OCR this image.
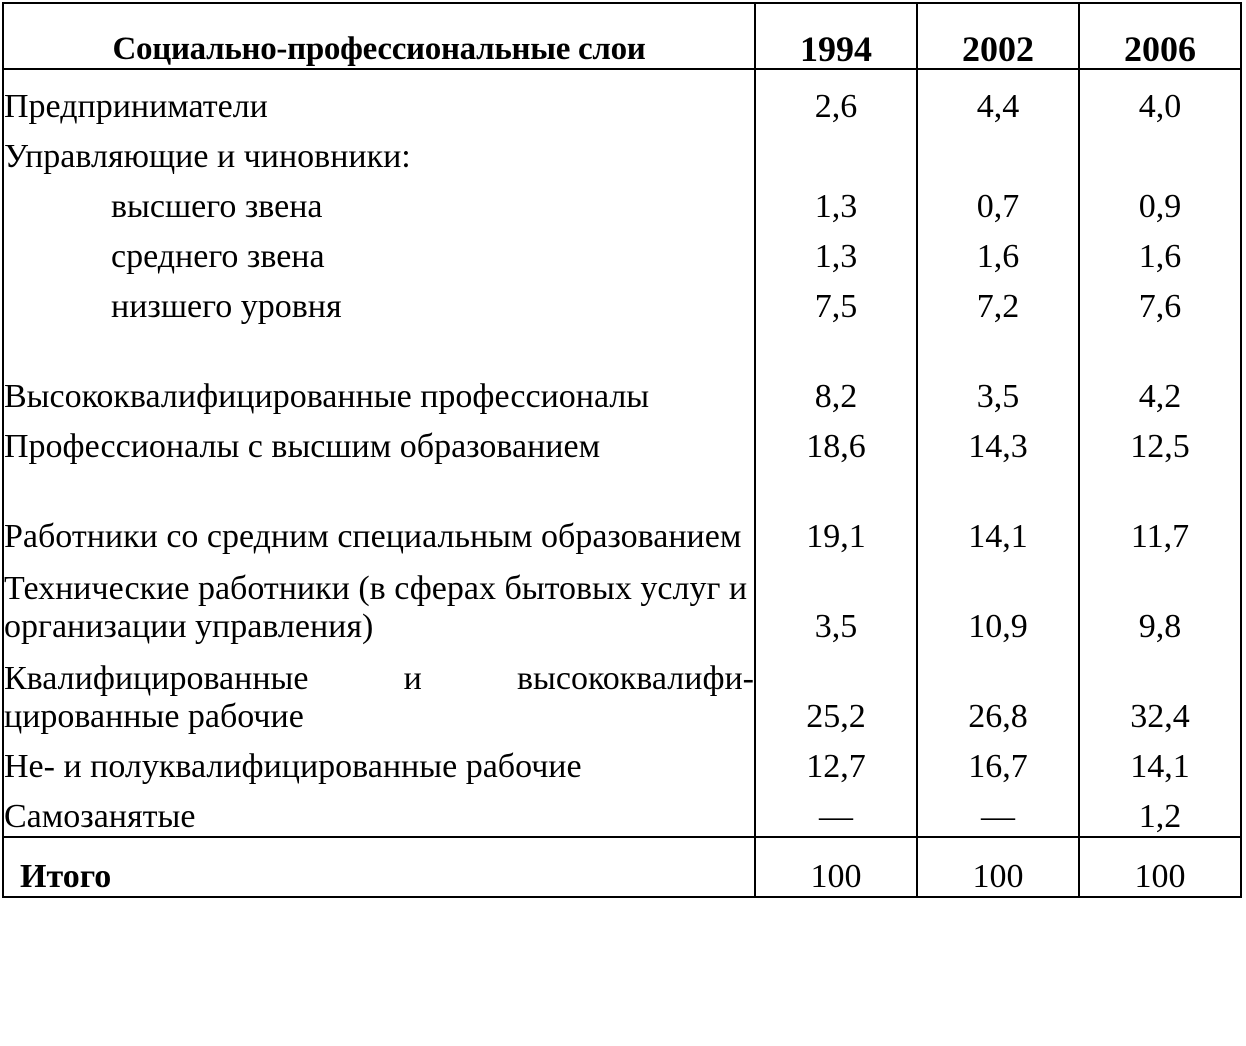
Социально-профессиональные слои	1994	2002	2006
Предприниматели	2,6	4,4	4,0
Управляющие и чиновники:			
высшего звена	1,3	0,7	0,9
среднего звена	1,3	1,6	1,6
низшего уровня	7,5	7,2	7,6
Высококвалифицированные профессионалы	8,2	3,5	4,2
Профессионалы с высшим образованием	18,6	14,3	12,5
Работники со средним специальным образованием	19,1	14,1	11,7
Технические работники (в сферах бытовых услуг и организации управления)	3,5	10,9	9,8
Квалифицированные и высококвалифи-цированные рабочие	25,2	26,8	32,4
Не- и полуквалифицированные рабочие	12,7	16,7	14,1
Самозанятые	—	—	1,2
Итого	100	100	100
